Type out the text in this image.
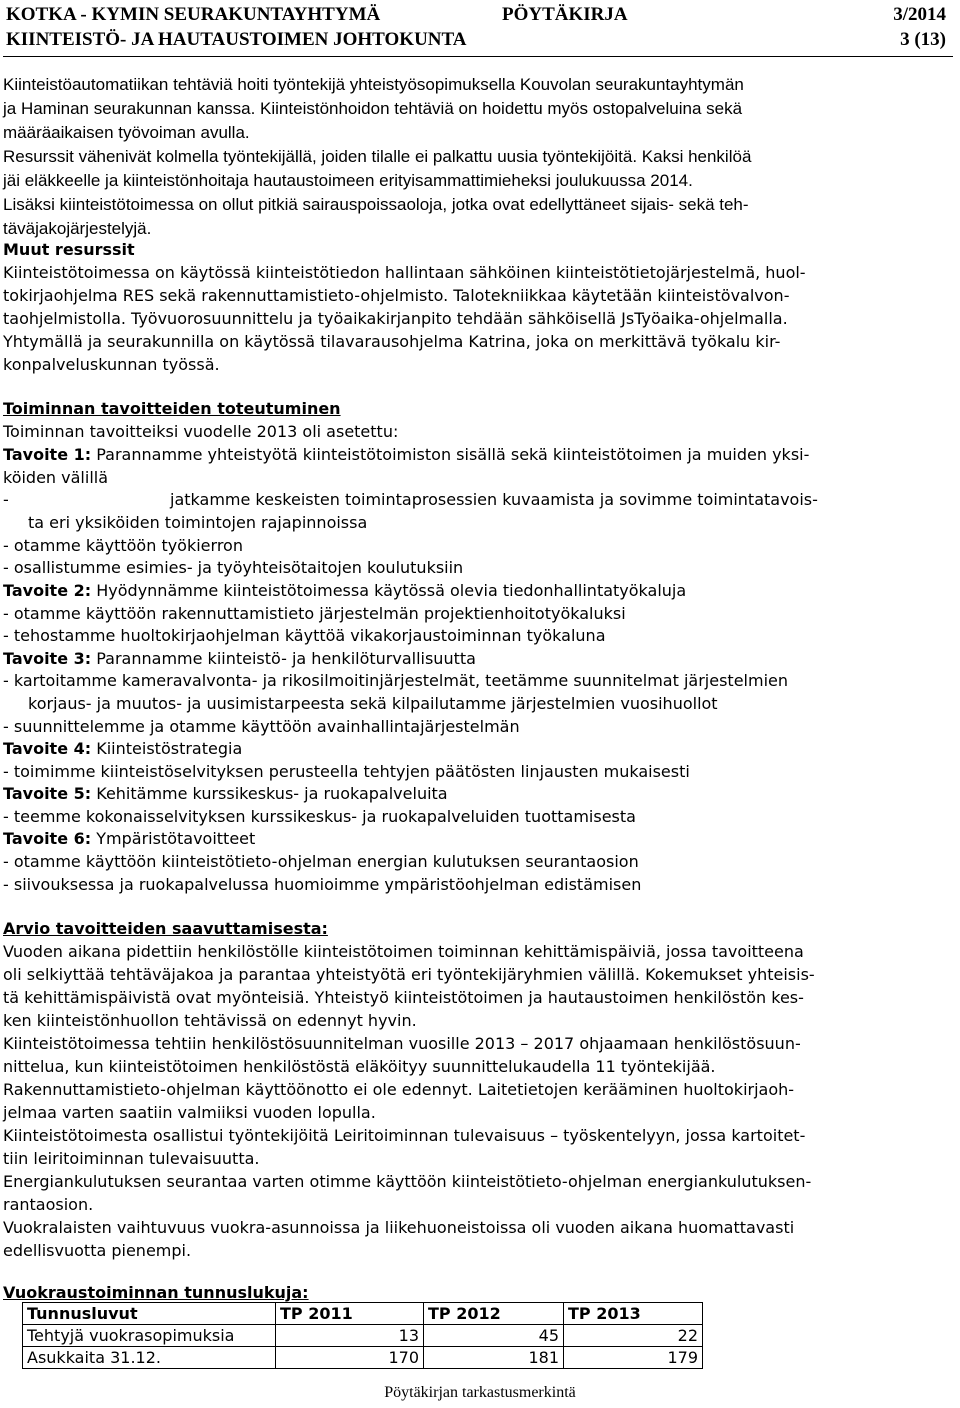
KOTKA - KYMIN SEURAKUNTAYHTYMÄ	PÖYTÄKIRJA	3/2014
KIINTEISTÖ- JA HAUTAUSTOIMEN JOHTOKUNTA	3 (13)
Kiinteistöautomatiikan tehtäviä hoiti työntekijä yhteistyösopimuksella Kouvolan seurakuntayhtymän
ja Haminan seurakunnan kanssa. Kiinteistönhoidon tehtäviä on hoidettu myös ostopalveluina sekä
määräaikaisen työvoiman avulla.
Resurssit vähenivät kolmella työntekijällä, joiden tilalle ei palkattu uusia työntekijöitä. Kaksi henkilöä
jäi eläkkeelle ja kiinteistönhoitaja hautaustoimeen erityisammattimieheksi joulukuussa 2014.
Lisäksi kiinteistötoimessa on ollut pitkiä sairauspoissaoloja, jotka ovat edellyttäneet sijais- sekä teh-
täväjakojärjestelyjä.
Muut resurssit
Kiinteistötoimessa on käytössä kiinteistötiedon hallintaan sähköinen kiinteistötietojärjestelmä, huol-
tokirjaohjelma RES sekä rakennuttamistieto-ohjelmisto. Talotekniikkaa käytetään kiinteistövalvon-
taohjelmistolla. Työvuorosuunnittelu ja työaikakirjanpito tehdään sähköisellä JsTyöaika-ohjelmalla.
Yhtymällä ja seurakunnilla on käytössä tilavarausohjelma Katrina, joka on merkittävä työkalu kir-
konpalveluskunnan työssä.
Toiminnan tavoitteiden toteutuminen
Toiminnan tavoitteiksi vuodelle 2013 oli asetettu:
Tavoite 1: Parannamme yhteistyötä kiinteistötoimiston sisällä sekä kiinteistötoimen ja muiden yksi-
köiden välillä
-	jatkamme keskeisten toimintaprosessien kuvaamista ja sovimme toimintatavois-
ta eri yksiköiden toimintojen rajapinnoissa
- otamme käyttöön työkierron
- osallistumme esimies- ja työyhteisötaitojen koulutuksiin
Tavoite 2: Hyödynnämme kiinteistötoimessa käytössä olevia tiedonhallintatyökaluja
- otamme käyttöön rakennuttamistieto järjestelmän projektienhoitotyökaluksi
- tehostamme huoltokirjaohjelman käyttöä vikakorjaustoiminnan työkaluna
Tavoite 3: Parannamme kiinteistö- ja henkilöturvallisuutta
- kartoitamme kameravalvonta- ja rikosilmoitinjärjestelmät, teetämme suunnitelmat järjestelmien
korjaus- ja muutos- ja uusimistarpeesta sekä kilpailutamme järjestelmien vuosihuollot
- suunnittelemme ja otamme käyttöön avainhallintajärjestelmän
Tavoite 4: Kiinteistöstrategia
- toimimme kiinteistöselvityksen perusteella tehtyjen päätösten linjausten mukaisesti
Tavoite 5: Kehitämme kurssikeskus- ja ruokapalveluita
- teemme kokonaisselvityksen kurssikeskus- ja ruokapalveluiden tuottamisesta
Tavoite 6: Ympäristötavoitteet
- otamme käyttöön kiinteistötieto-ohjelman energian kulutuksen seurantaosion
- siivouksessa ja ruokapalvelussa huomioimme ympäristöohjelman edistämisen
Arvio tavoitteiden saavuttamisesta:
Vuoden aikana pidettiin henkilöstölle kiinteistötoimen toiminnan kehittämispäiviä, jossa tavoitteena
oli selkiyttää tehtäväjakoa ja parantaa yhteistyötä eri työntekijäryhmien välillä. Kokemukset yhteisis-
tä kehittämispäivistä ovat myönteisiä. Yhteistyö kiinteistötoimen ja hautaustoimen henkilöstön kes-
ken kiinteistönhuollon tehtävissä on edennyt hyvin.
Kiinteistötoimessa tehtiin henkilöstösuunnitelman vuosille 2013 – 2017 ohjaamaan henkilöstösuun-
nittelua, kun kiinteistötoimen henkilöstöstä eläköityy suunnittelukaudella 11 työntekijää.
Rakennuttamistieto-ohjelman käyttöönotto ei ole edennyt. Laitetietojen kerääminen huoltokirjaoh-
jelmaa varten saatiin valmiiksi vuoden lopulla.
Kiinteistötoimesta osallistui työntekijöitä Leiritoiminnan tulevaisuus – työskentelyyn, jossa kartoitet-
tiin leiritoiminnan tulevaisuutta.
Energiankulutuksen seurantaa varten otimme käyttöön kiinteistötieto-ohjelman energiankulutuksen-
rantaosion.
Vuokralaisten vaihtuvuus vuokra-asunnoissa ja liikehuoneistoissa oli vuoden aikana huomattavasti
edellisvuotta pienempi.
Vuokraustoiminnan tunnuslukuja:
Tunnusluvut	TP 2011	TP 2012	TP 2013
Tehtyjä vuokrasopimuksia	13	45	22
Asukkaita 31.12.	170	181	179
Pöytäkirjan tarkastusmerkintä
